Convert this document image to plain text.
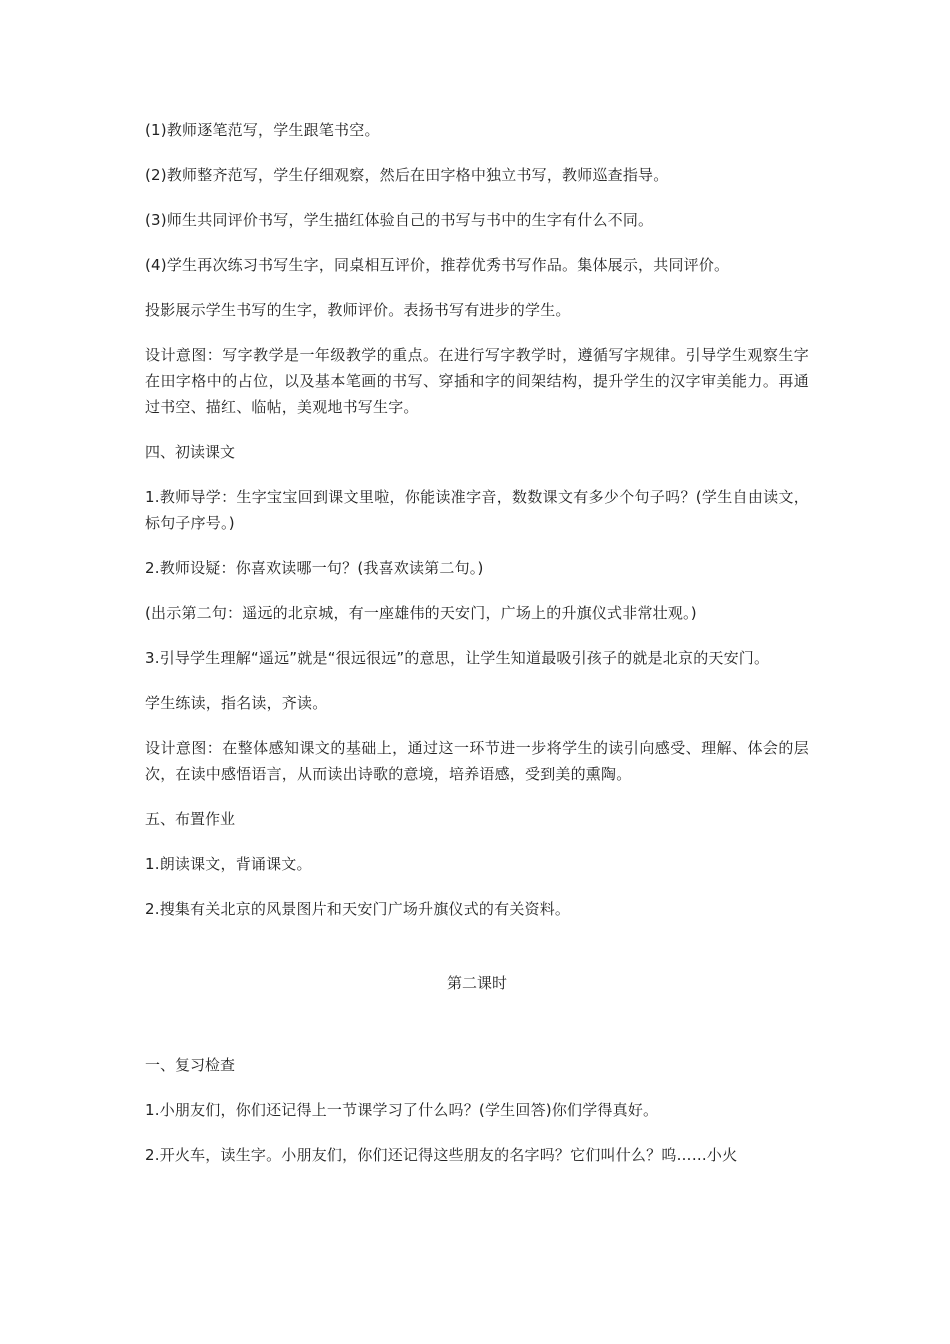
(1)教师逐笔范写，学生跟笔书空。

(2)教师整齐范写，学生仔细观察，然后在田字格中独立书写，教师巡查指导。

(3)师生共同评价书写，学生描红体验自己的书写与书中的生字有什么不同。

(4)学生再次练习书写生字，同桌相互评价，推荐优秀书写作品。集体展示，共同评价。

投影展示学生书写的生字，教师评价。表扬书写有进步的学生。

设计意图：写字教学是一年级教学的重点。在进行写字教学时，遵循写字规律。引导学生观察生字在田字格中的占位，以及基本笔画的书写、穿插和字的间架结构，提升学生的汉字审美能力。再通过书空、描红、临帖，美观地书写生字。

四、初读课文

1.教师导学：生字宝宝回到课文里啦，你能读准字音，数数课文有多少个句子吗？(学生自由读文，标句子序号。)

2.教师设疑：你喜欢读哪一句？(我喜欢读第二句。)

(出示第二句：遥远的北京城，有一座雄伟的天安门，广场上的升旗仪式非常壮观。)

3.引导学生理解“遥远”就是“很远很远”的意思，让学生知道最吸引孩子的就是北京的天安门。

学生练读，指名读，齐读。

设计意图：在整体感知课文的基础上，通过这一环节进一步将学生的读引向感受、理解、体会的层次，在读中感悟语言，从而读出诗歌的意境，培养语感，受到美的熏陶。

五、布置作业

1.朗读课文，背诵课文。

2.搜集有关北京的风景图片和天安门广场升旗仪式的有关资料。

第二课时

一、复习检查

1.小朋友们，你们还记得上一节课学习了什么吗？(学生回答)你们学得真好。

2.开火车，读生字。小朋友们，你们还记得这些朋友的名字吗？它们叫什么？呜……小火
